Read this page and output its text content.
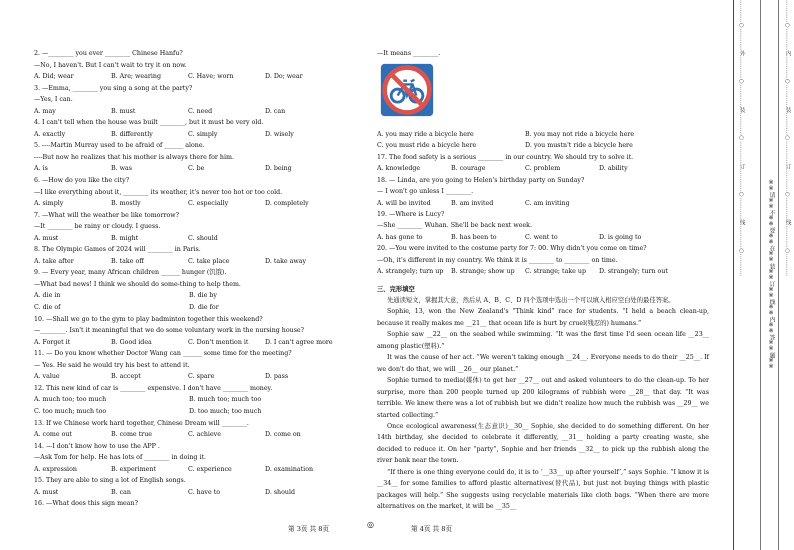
2. —________ you ever ________ Chinese Hanfu?
—No, I haven't. But I can't wait to try it on now.
A. Did; wear	B. Are; wearing	C. Have; worn	D. Do; wear
3. —Emma, ________ you sing a song at the party?
—Yes, I can.
A. may	B. must	C. need	D. can
4. I can't tell when the house was built ________, but it must be very old.
A. exactly	B. differently	C. simply	D. wisely
5. ----Martin Murray used to be afraid of ______ alone.
----But now he realizes that his mother is always there for him.
A. is	B. was	C. be	D. being
6. —How do you like the city?
—I like everything about it, ________ its weather, it's never too hot or too cold.
A. simply	B. mostly	C. especially	D. completely
7. —What will the weather be like tomorrow?
—It ________ be rainy or cloudy. I guess.
A. must	B. might	C. should
8. The Olympic Games of 2024 will ________ in Paris.
A. take after	B. take off	C. take place	D. take away
9. — Every year, many African children ______ hunger (饥饿).
—What bad news! I think we should do some-thing to help them.
A. die in	B. die by
C. die of	D. die for
10. —Shall we go to the gym to play badminton together this weekend?
—________. Isn't it meaningful that we do some voluntary work in the nursing house?
A. Forget it	B. Good idea	C. Don't mention it	D. I can't agree more
11. — Do you know whether Doctor Wang can ______ some time for the meeting?
— Yes. He said he would try his best to attend it.
A. value	B. accept	C. spare	D. pass
12. This new kind of car is ________ expensive. I don't have ________ money.
A. much too; too much	B. much too; much too
C. too much; much too	D. too much; too much
13. If we Chinese work hard together, Chinese Dream will ________.
A. come out	B. come true	C. achieve	D. come on
14. —I don't know how to use the APP .
—Ask Tom for help. He has lots of ________ in doing it.
A. expression	B. experiment	C. experience	D. examination
15. They are able to sing a lot of English songs.
A. must	B. can	C. have to	D. should
16. —What does this sign mean?
—It means ________.
A. you may ride a bicycle here	B. you may not ride a bicycle here
C. you must ride a bicycle here	D. you mustn't ride a bicycle here
17. The food safety is a serious ________ in our country. We should try to solve it.
A. knowledge	B. courage	C. problem	D. ability
18. — Linda, are you going to Helen's birthday party on Sunday?
— I won't go unless I ________.
A. will be invited	B. am invited	C. am inviting
19. —Where is Lucy?
—She ________ Wuhan. She'll be back next week.
A. has gone to	B. has been to	C. went to	D. is going to
20. —You were invited to the costume party for 7: 00. Why didn't you come on time?
—Oh, it's different in my country. We think it is ________ to ________ on time.
A. strangely; turn up	B. strange; show up	C. strange; take up	D. strangely; turn out
三、完形填空
先通读短文，掌握其大意，然后从 A、B、C、D 四个选项中选出一个可以填入相应空白处的最佳答案。
Sophie, 13, won the New Zealand's “Think kind” race for students. “I held a beach clean-up, because it really makes me __21__ that ocean life is hurt by cruel(残忍的) humans.”
Sophie saw __22__ on the seabed while swimming. “It was the first time I'd seen ocean life __23__ among plastic(塑料).”
It was the cause of her act. “We weren't taking enough __24__. Everyone needs to do their __25__. If we don't do that, we will __26__ our planet.”
Sophie turned to media(媒体) to get her __27__ out and asked volunteers to do the clean-up. To her surprise, more than 200 people turned up 200 kilograms of rubbish were __28__ that day. “It was terrible. We knew there was a lot of rubbish but we didn't realize how much the rubbish was __29__ we started collecting.”
Once ecological awareness(生态意识)__30__ Sophie, she decided to do something different. On her 14th birthday, she decided to celebrate it differently, __31__ holding a party creating waste, she decided to reduce it. On her “party”, Sophie and her friends __32__ to pick up the rubbish along the river bank near the town.
“If there is one thing everyone could do, it is to ‘__33__ up after yourself’,” says Sophie. “I know it is __34__ for some families to afford plastic alternatives(替代品), but just not buying things with plastic packages will help.” She suggests using recyclable materials like cloth bags. “When there are more alternatives on the market, it will be __35__
第 3页 共 8页	◎	第 4页 共 8页
…………○…………外…………○…………装…………○…………订…………○…………线…………○…………	※※请※※不※※要※※在※※装※※订※※线※※内※※答※※题※※ …………○…………内…………○…………装…………○…………订…………○…………线…………○…………
